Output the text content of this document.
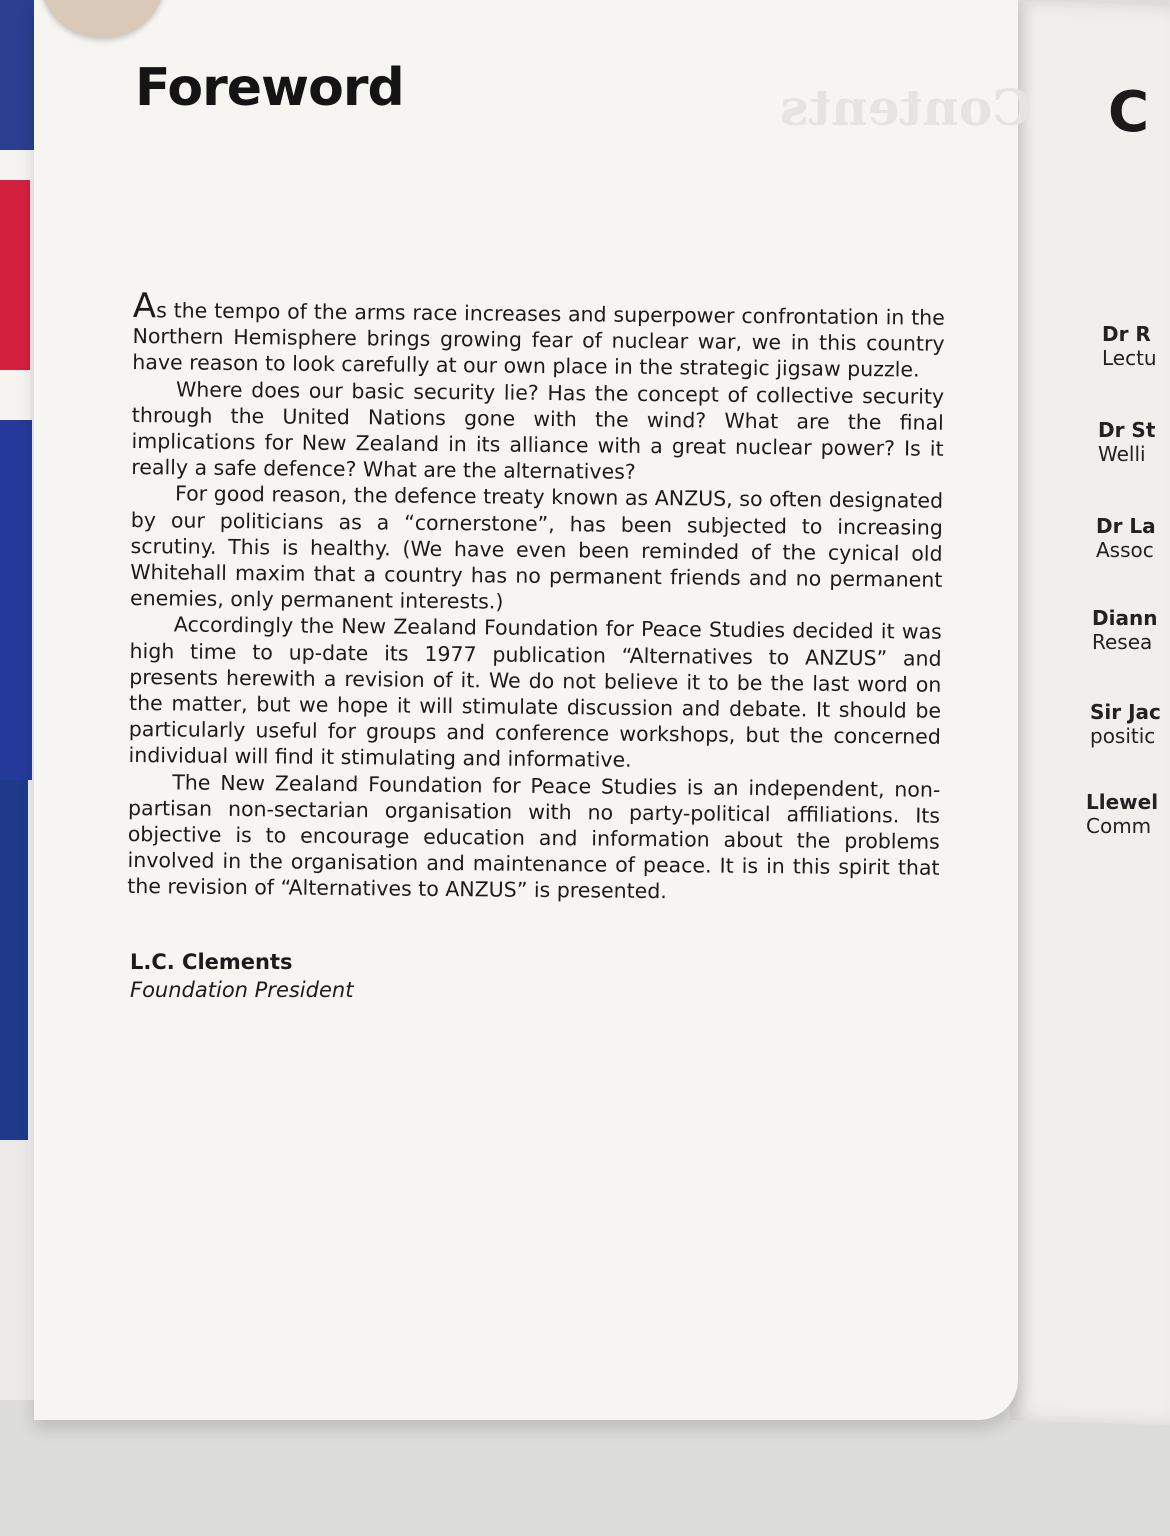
C
Dr R
Lectu
Dr St
Welli
Dr La
Assoc
Diann
Resea
Sir Jac
positic
Llewel
Comm
Contents
Foreword

As the tempo of the arms race increases and superpower confrontation in the Northern Hemisphere brings growing fear of nuclear war, we in this country have reason to look carefully at our own place in the strategic jigsaw puzzle.

Where does our basic security lie? Has the concept of collective security through the United Nations gone with the wind? What are the final implications for New Zealand in its alliance with a great nuclear power? Is it really a safe defence? What are the alternatives?

For good reason, the defence treaty known as ANZUS, so often designated by our politicians as a “cornerstone”, has been subjected to increasing scrutiny. This is healthy. (We have even been reminded of the cynical old Whitehall maxim that a country has no permanent friends and no permanent enemies, only permanent interests.)

Accordingly the New Zealand Foundation for Peace Studies decided it was high time to up-date its 1977 publication “Alternatives to ANZUS” and presents herewith a revision of it. We do not believe it to be the last word on the matter, but we hope it will stimulate discussion and debate. It should be particularly useful for groups and conference workshops, but the concerned individual will find it stimulating and informative.

The New Zealand Foundation for Peace Studies is an independent, non-partisan non-sectarian organisation with no party-political affiliations. Its objective is to encourage education and information about the problems involved in the organisation and maintenance of peace. It is in this spirit that the revision of “Alternatives to ANZUS” is presented.

L.C. Clements
Foundation President
